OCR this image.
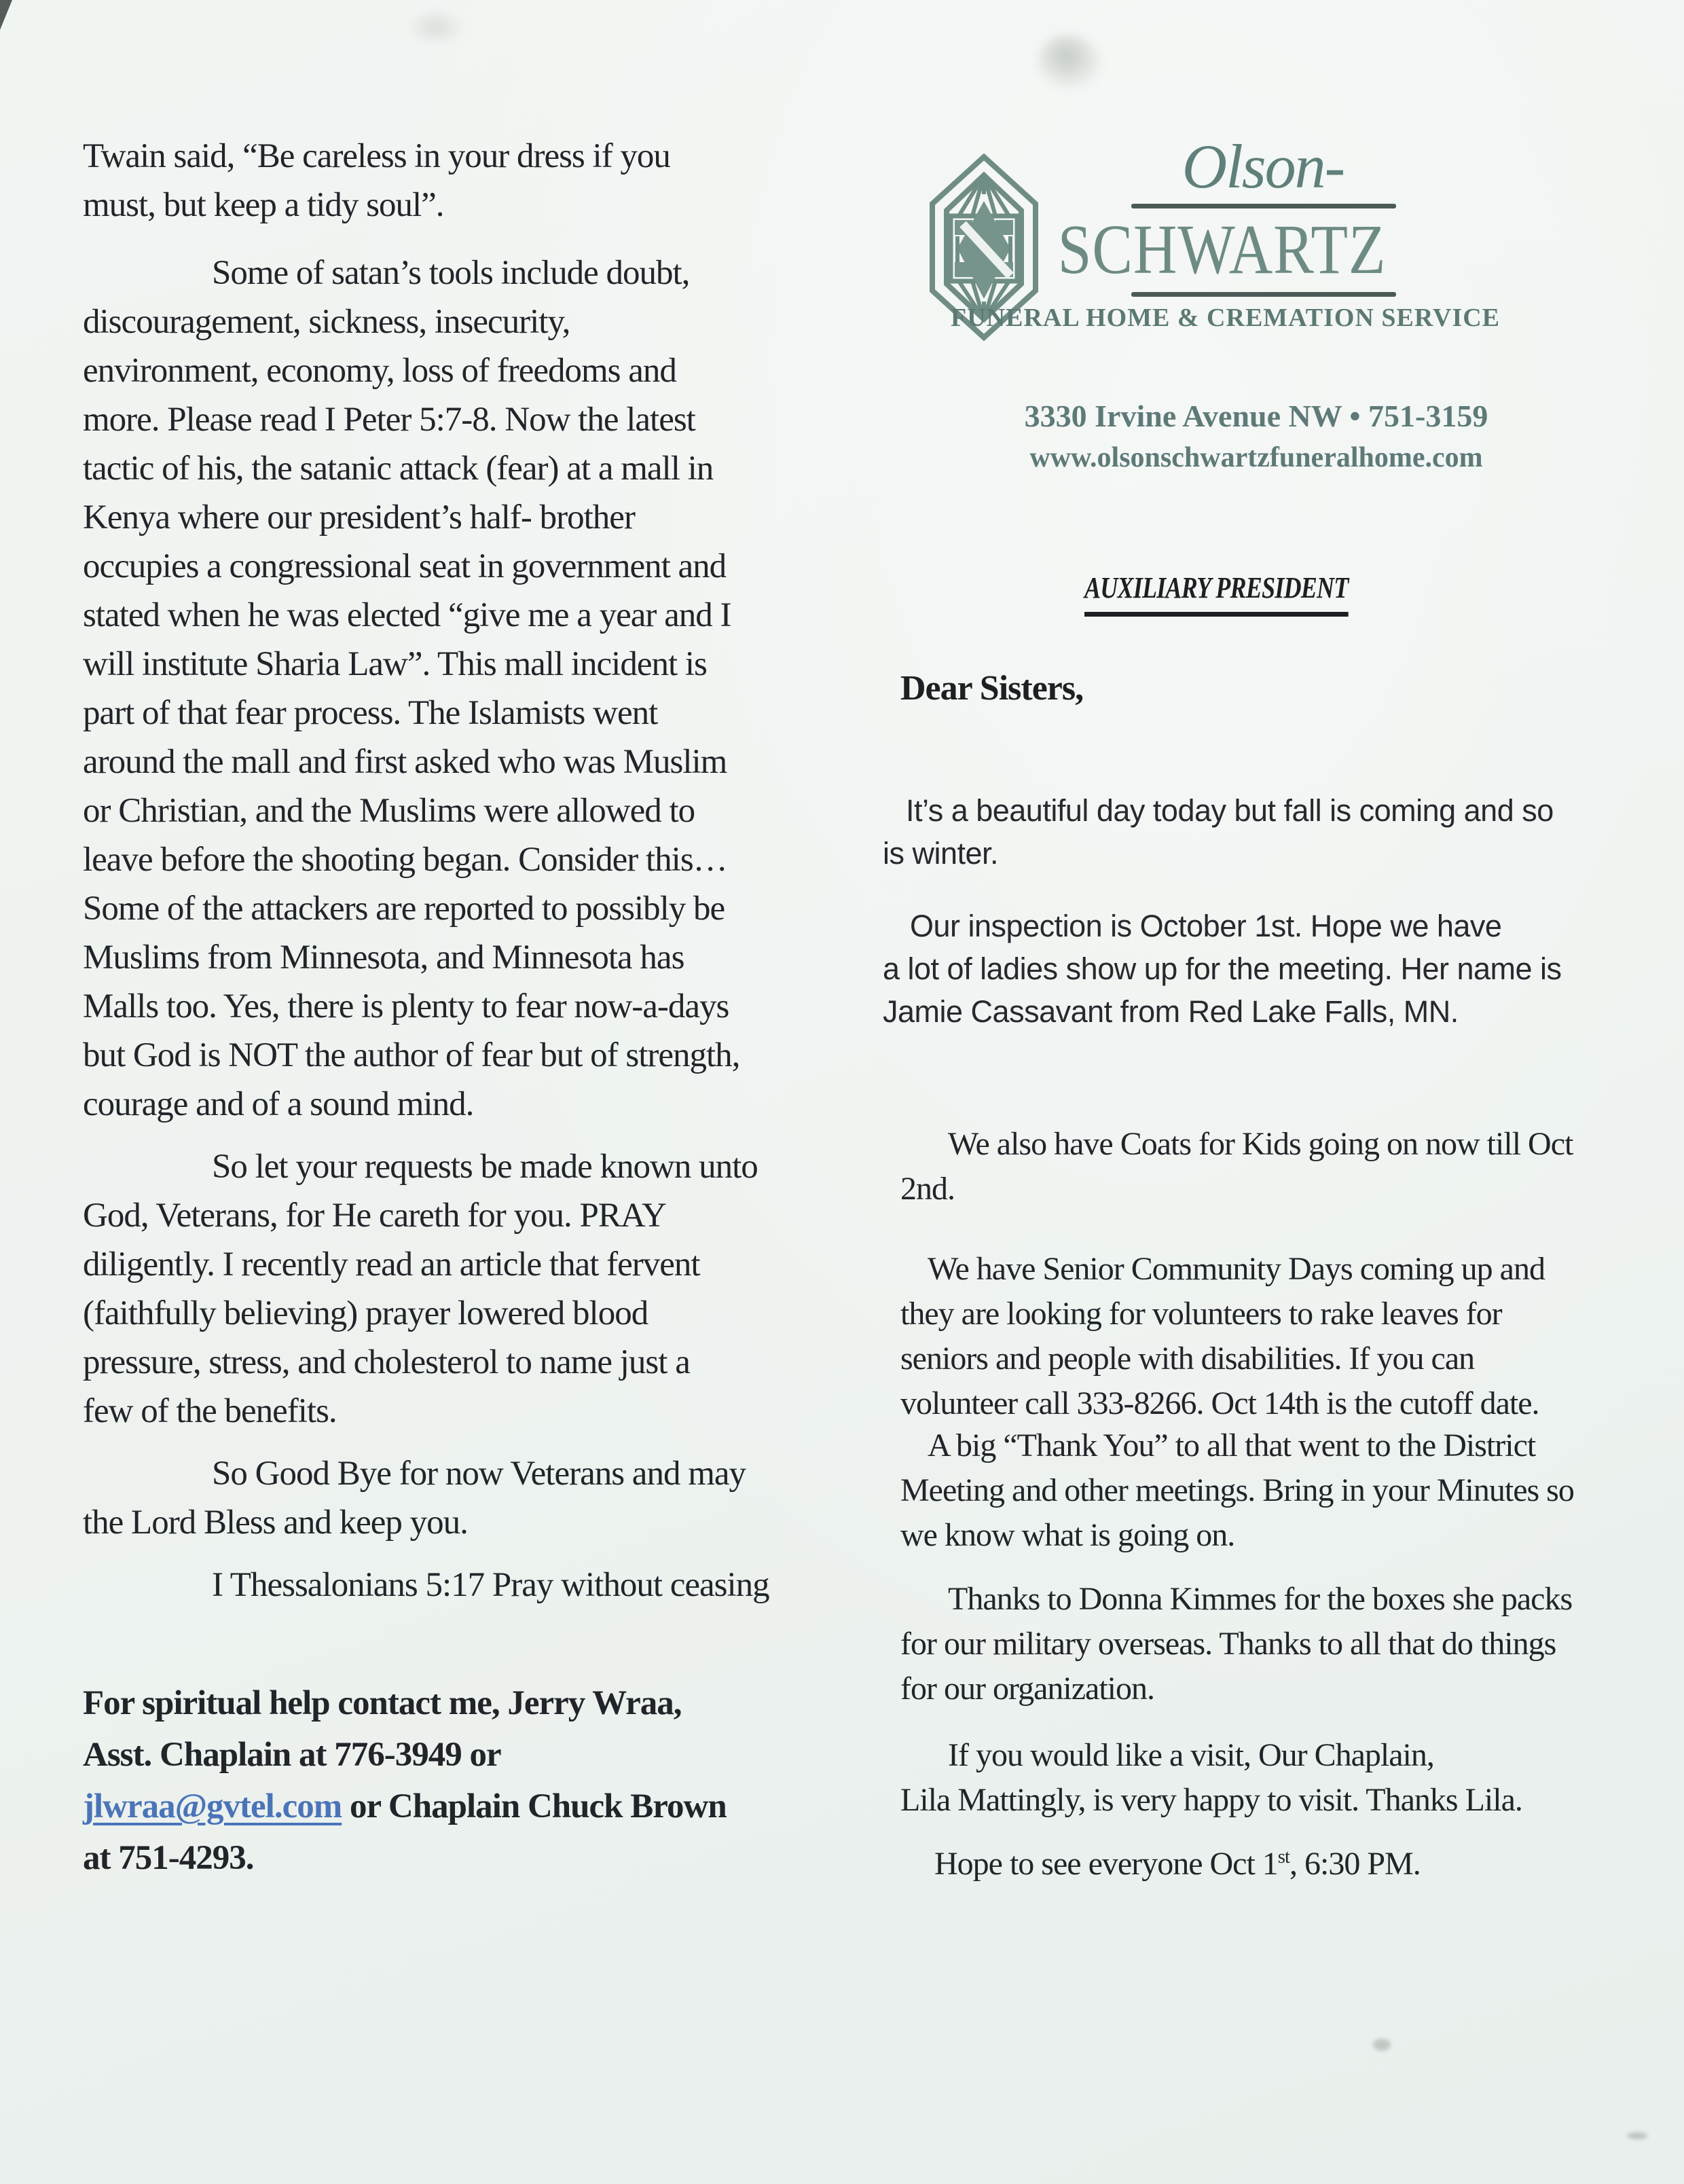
For spiritual help contact me, Jerry Wraa,
Asst. Chaplain at 776-3949 or
jlwraa@gvtel.com or Chaplain Chuck Brown
at 751-4293.
Twain said, “Be careless in your dress if you
must, but keep a tidy soul”.
Some of satan’s tools include doubt,
discouragement, sickness, insecurity,
environment, economy, loss of freedoms and
more. Please read I Peter 5:7-8. Now the latest
tactic of his, the satanic attack (fear) at a mall in
Kenya where our president’s half- brother
occupies a congressional seat in government and
stated when he was elected “give me a year and I
will institute Sharia Law”. This mall incident is
part of that fear process. The Islamists went
around the mall and first asked who was Muslim
or Christian, and the Muslims were allowed to
leave before the shooting began. Consider this…
Some of the attackers are reported to possibly be
Muslims from Minnesota, and Minnesota has
Malls too. Yes, there is plenty to fear now-a-days
but God is NOT the author of fear but of strength,
courage and of a sound mind.
So let your requests be made known unto
God, Veterans, for He careth for you. PRAY
diligently. I recently read an article that fervent
(faithfully believing) prayer lowered blood
pressure, stress, and cholesterol to name just a
few of the benefits.
So Good Bye for now Veterans and may
the Lord Bless and keep you.
I Thessalonians 5:17 Pray without ceasing
Olson-
SCHWARTZ
FUNERAL HOME & CREMATION SERVICE
3330 Irvine Avenue NW • 751-3159
www.olsonschwartzfuneralhome.com
AUXILIARY PRESIDENT
Dear Sisters,
Hope to see everyone Oct 1st, 6:30 PM.
It’s a beautiful day today but fall is coming and so
is winter.
Our inspection is October 1st. Hope we have
a lot of ladies show up for the meeting. Her name is
Jamie Cassavant from Red Lake Falls, MN.
We also have Coats for Kids going on now till Oct
2nd.
We have Senior Community Days coming up and
they are looking for volunteers to rake leaves for
seniors and people with disabilities. If you can
volunteer call 333-8266. Oct 14th is the cutoff date.
A big “Thank You” to all that went to the District
Meeting and other meetings. Bring in your Minutes so
we know what is going on.
Thanks to Donna Kimmes for the boxes she packs
for our military overseas. Thanks to all that do things
for our organization.
If you would like a visit, Our Chaplain,
Lila Mattingly, is very happy to visit. Thanks Lila.
